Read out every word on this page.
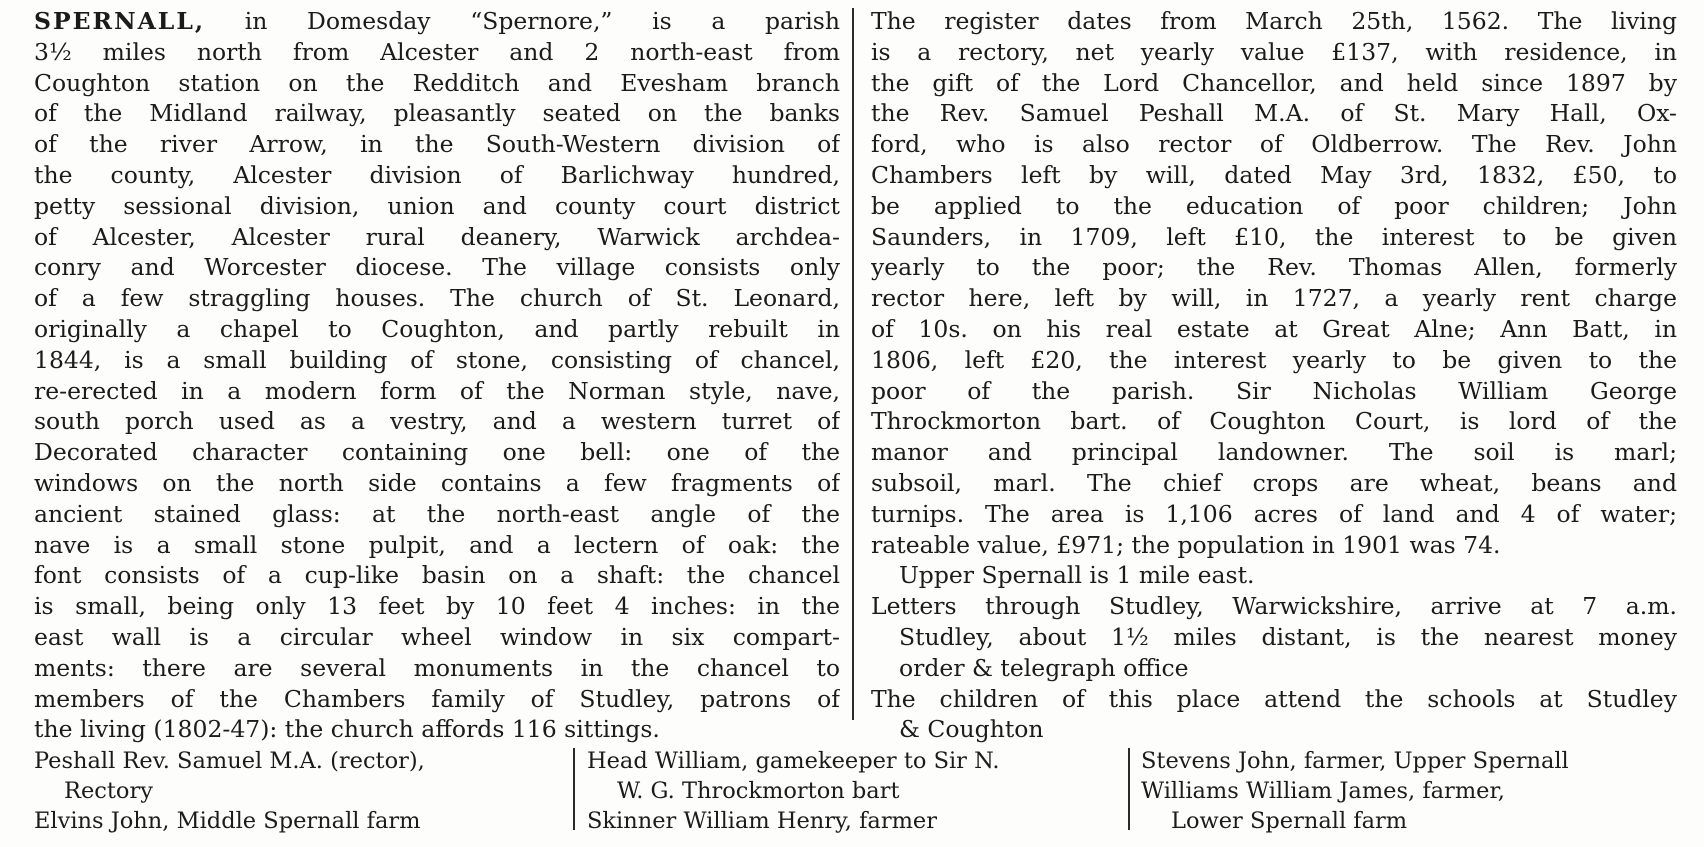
SPERNALL, in Domesday “Spernore,” is a parish
3½ miles north from Alcester and 2 north-east from
Coughton station on the Redditch and Evesham branch
of the Midland railway, pleasantly seated on the banks
of the river Arrow, in the South-Western division of
the county, Alcester division of Barlichway hundred,
petty sessional division, union and county court district
of Alcester, Alcester rural deanery, Warwick archdea-
conry and Worcester diocese. The village consists only
of a few straggling houses. The church of St. Leonard,
originally a chapel to Coughton, and partly rebuilt in
1844, is a small building of stone, consisting of chancel,
re-erected in a modern form of the Norman style, nave,
south porch used as a vestry, and a western turret of
Decorated character containing one bell: one of the
windows on the north side contains a few fragments of
ancient stained glass: at the north-east angle of the
nave is a small stone pulpit, and a lectern of oak: the
font consists of a cup-like basin on a shaft: the chancel
is small, being only 13 feet by 10 feet 4 inches: in the
east wall is a circular wheel window in six compart-
ments: there are several monuments in the chancel to
members of the Chambers family of Studley, patrons of
the living (1802-47): the church affords 116 sittings.
The register dates from March 25th, 1562. The living
is a rectory, net yearly value £137, with residence, in
the gift of the Lord Chancellor, and held since 1897 by
the Rev. Samuel Peshall M.A. of St. Mary Hall, Ox-
ford, who is also rector of Oldberrow. The Rev. John
Chambers left by will, dated May 3rd, 1832, £50, to
be applied to the education of poor children; John
Saunders, in 1709, left £10, the interest to be given
yearly to the poor; the Rev. Thomas Allen, formerly
rector here, left by will, in 1727, a yearly rent charge
of 10s. on his real estate at Great Alne; Ann Batt, in
1806, left £20, the interest yearly to be given to the
poor of the parish. Sir Nicholas William George
Throckmorton bart. of Coughton Court, is lord of the
manor and principal landowner. The soil is marl;
subsoil, marl. The chief crops are wheat, beans and
turnips. The area is 1,106 acres of land and 4 of water;
rateable value, £971; the population in 1901 was 74.
Upper Spernall is 1 mile east.
Letters through Studley, Warwickshire, arrive at 7 a.m.
Studley, about 1½ miles distant, is the nearest money
order & telegraph office
The children of this place attend the schools at Studley
& Coughton
Peshall Rev. Samuel M.A. (rector),
Rectory
Elvins John, Middle Spernall farm
Head William, gamekeeper to Sir N.
W. G. Throckmorton bart
Skinner William Henry, farmer
Stevens John, farmer, Upper Spernall
Williams William James, farmer,
Lower Spernall farm
